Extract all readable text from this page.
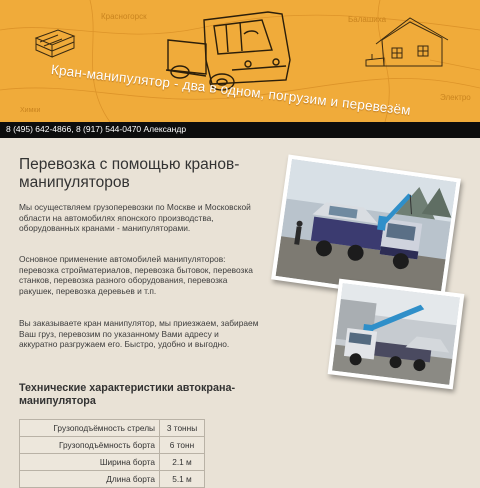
Красногорск	Балашиха
Электро
Химки Кран-манипулятор - два в одном, погрузим и перевезём
8 (495) 642-4866, 8 (917) 544-0470 Александр
Перевозка с помощью кранов-манипуляторов

Мы осуществляем грузоперевозки по Москве и Московской области на автомобилях японского производства, оборудованных кранами - манипуляторами.

Основное применение автомобилей манипуляторов: перевозка стройматериалов, перевозка бытовок, перевозка станков, перевозка разного оборудования, перевозка ракушек, перевозка деревьев и т.п.

Вы заказываете кран манипулятор, мы приезжаем, забираем Ваш груз, перевозим по указанному Вами адресу и аккуратно разгружаем его. Быстро, удобно и выгодно.

Технические характеристики автокрана-манипулятора
Грузоподъёмность стрелы	3 тонны
Грузоподъёмность борта	6 тонн
Ширина борта	2.1 м
Длина борта	5.1 м
